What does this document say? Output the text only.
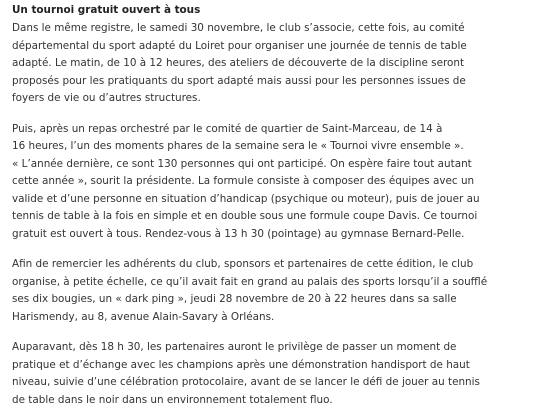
Un tournoi gratuit ouvert à tous

Dans le même registre, le samedi 30 novembre, le club s’associe, cette fois, au comité
départemental du sport adapté du Loiret pour organiser une journée de tennis de table
adapté. Le matin, de 10 à 12 heures, des ateliers de découverte de la discipline seront
proposés pour les pratiquants du sport adapté mais aussi pour les personnes issues de
foyers de vie ou d’autres structures.

Puis, après un repas orchestré par le comité de quartier de Saint-Marceau, de 14 à
16 heures, l’un des moments phares de la semaine sera le « Tournoi vivre ensemble ».
« L’année dernière, ce sont 130 personnes qui ont participé. On espère faire tout autant
cette année », sourit la présidente. La formule consiste à composer des équipes avec un
valide et d’une personne en situation d’handicap (psychique ou moteur), puis de jouer au
tennis de table à la fois en simple et en double sous une formule coupe Davis. Ce tournoi
gratuit est ouvert à tous. Rendez-vous à 13 h 30 (pointage) au gymnase Bernard-Pelle.

Afin de remercier les adhérents du club, sponsors et partenaires de cette édition, le club
organise, à petite échelle, ce qu’il avait fait en grand au palais des sports lorsqu’il a soufflé
ses dix bougies, un « dark ping », jeudi 28 novembre de 20 à 22 heures dans sa salle
Harismendy, au 8, avenue Alain-Savary à Orléans.

Auparavant, dès 18 h 30, les partenaires auront le privilège de passer un moment de
pratique et d’échange avec les champions après une démonstration handisport de haut
niveau, suivie d’une célébration protocolaire, avant de se lancer le défi de jouer au tennis
de table dans le noir dans un environnement totalement fluo.
